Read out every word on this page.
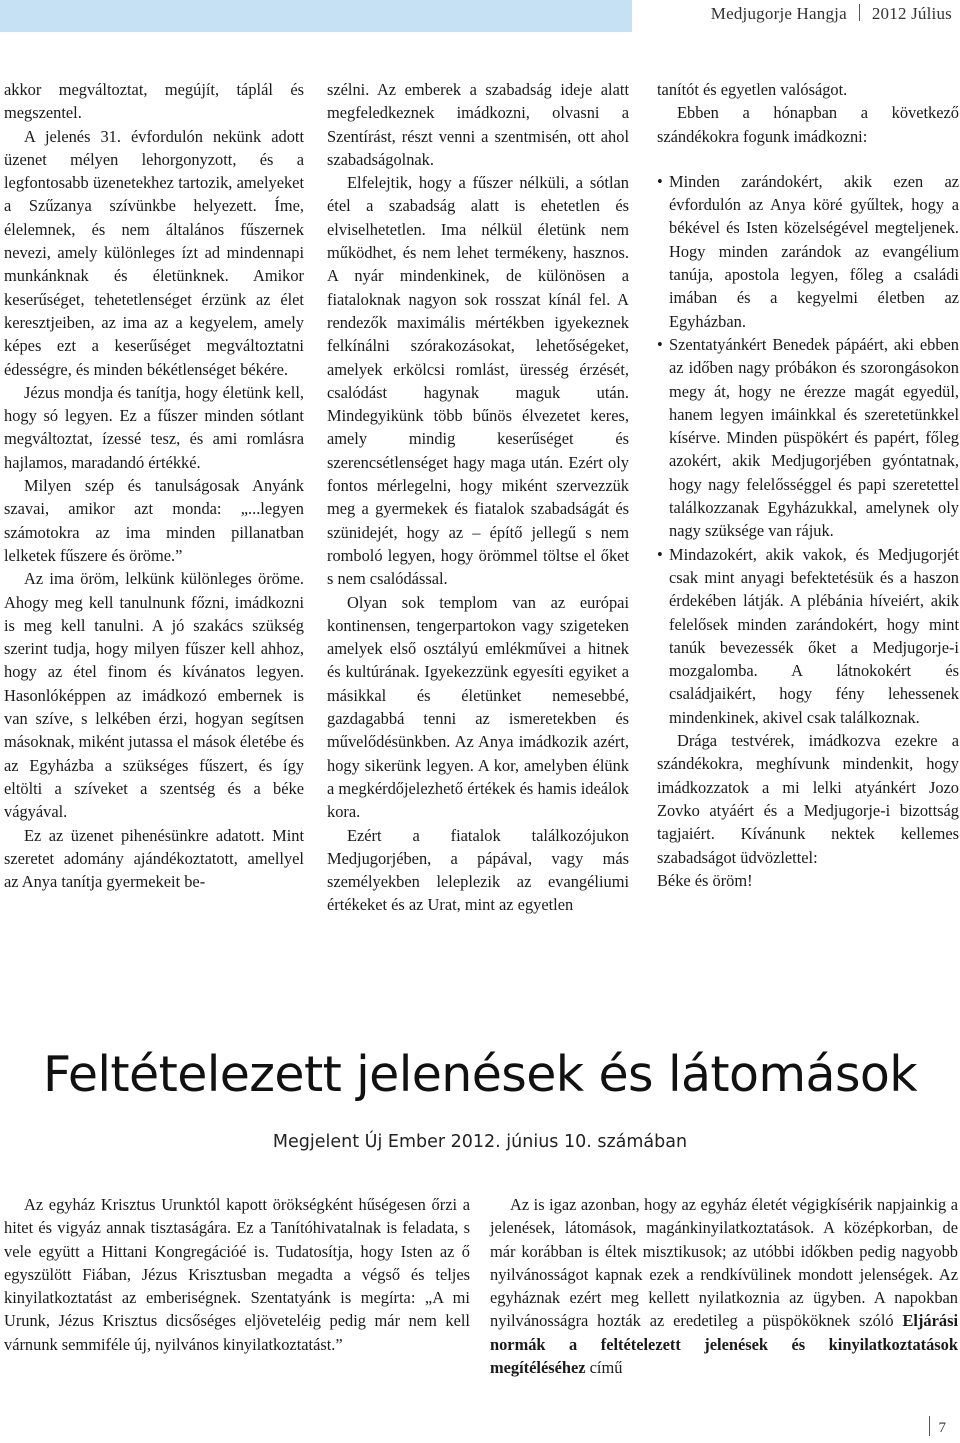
Medjugorje Hangja 2012 Július

akkor megváltoztat, megújít, táplál és megszentel.

A jelenés 31. évfordulón nekünk adott üzenet mélyen lehorgonyzott, és a legfontosabb üzenetekhez tartozik, amelyeket a Szűzanya szívünkbe helyezett. Íme, élelemnek, és nem általános fűszernek nevezi, amely különleges ízt ad mindennapi munkánknak és életünknek. Amikor keserűséget, tehetetlenséget érzünk az élet keresztjeiben, az ima az a kegyelem, amely képes ezt a keserűséget megváltoztatni édességre, és minden békétlenséget békére.

Jézus mondja és tanítja, hogy életünk kell, hogy só legyen. Ez a fűszer minden sótlant megváltoztat, ízessé tesz, és ami romlásra hajlamos, maradandó értékké.

Milyen szép és tanulságosak Anyánk szavai, amikor azt monda: „...legyen számotokra az ima minden pillanatban lelketek fűszere és öröme.”

Az ima öröm, lelkünk különleges öröme. Ahogy meg kell tanulnunk főzni, imádkozni is meg kell tanulni. A jó szakács szükség szerint tudja, hogy milyen fűszer kell ahhoz, hogy az étel finom és kívánatos legyen. Hasonlóképpen az imádkozó embernek is van szíve, s lelkében érzi, hogyan segítsen másoknak, miként jutassa el mások életébe és az Egyházba a szükséges fűszert, és így eltölti a szíveket a szentség és a béke vágyával.

Ez az üzenet pihenésünkre adatott. Mint szeretet adomány ajándékoztatott, amellyel az Anya tanítja gyermekeit be-

szélni. Az emberek a szabadság ideje alatt megfeledkeznek imádkozni, olvasni a Szentírást, részt venni a szentmisén, ott ahol szabadságolnak.

Elfelejtik, hogy a fűszer nélküli, a sótlan étel a szabadság alatt is ehetetlen és elviselhetetlen. Ima nélkül életünk nem működhet, és nem lehet termékeny, hasznos. A nyár mindenkinek, de különösen a fiataloknak nagyon sok rosszat kínál fel. A rendezők maximális mértékben igyekeznek felkínálni szórakozásokat, lehetőségeket, amelyek erkölcsi romlást, üresség érzését, csalódást hagynak maguk után. Mindegyikünk több bűnös élvezetet keres, amely mindig keserűséget és szerencsétlenséget hagy maga után. Ezért oly fontos mérlegelni, hogy miként szervezzük meg a gyermekek és fiatalok szabadságát és szünidejét, hogy az – építő jellegű s nem romboló legyen, hogy örömmel töltse el őket s nem csalódással.

Olyan sok templom van az európai kontinensen, tengerpartokon vagy szigeteken amelyek első osztályú emlékművei a hitnek és kultúrának. Igyekezzünk egyesíti egyiket a másikkal és életünket nemesebbé, gazdagabbá tenni az ismeretekben és művelődésünkben. Az Anya imádkozik azért, hogy sikerünk legyen. A kor, amelyben élünk a megkérdőjelezhető értékek és hamis ideálok kora.

Ezért a fiatalok találkozójukon Medjugorjében, a pápával, vagy más személyekben leleplezik az evangéliumi értékeket és az Urat, mint az egyetlen

tanítót és egyetlen valóságot.

Ebben a hónapban a következő szándékokra fogunk imádkozni:

• Minden zarándokért, akik ezen az évfordulón az Anya köré gyűltek, hogy a békével és Isten közelségével megteljenek. Hogy minden zarándok az evangélium tanúja, apostola legyen, főleg a családi imában és a kegyelmi életben az Egyházban.
• Szentatyánkért Benedek pápáért, aki ebben az időben nagy próbákon és szorongásokon megy át, hogy ne érezze magát egyedül, hanem legyen imáinkkal és szeretetünkkel kísérve. Minden püspökért és papért, főleg azokért, akik Medjugorjében gyóntatnak, hogy nagy felelősséggel és papi szeretettel találkozzanak Egyházukkal, amelynek oly nagy szüksége van rájuk.
• Mindazokért, akik vakok, és Medjugorjét csak mint anyagi befektetésük és a haszon érdekében látják. A plébánia híveiért, akik felelősek minden zarándokért, hogy mint tanúk bevezessék őket a Medjugorje-i mozgalomba. A látnokokért és családjaikért, hogy fény lehessenek mindenkinek, akivel csak találkoznak.

Drága testvérek, imádkozva ezekre a szándékokra, meghívunk mindenkit, hogy imádkozzatok a mi lelki atyánkért Jozo Zovko atyáért és a Medjugorje-i bizottság tagjaiért. Kívánunk nektek kellemes szabadságot üdvözlettel:

Béke és öröm!

Feltételezett jelenések és látomások

Megjelent Új Ember 2012. június 10. számában

Az egyház Krisztus Urunktól kapott örökségként hűségesen őrzi a hitet és vigyáz annak tisztaságára. Ez a Tanítóhivatalnak is feladata, s vele együtt a Hittani Kongregációé is. Tudatosítja, hogy Isten az ő egyszülött Fiában, Jézus Krisztusban megadta a végső és teljes kinyilatkoztatást az emberiségnek. Szentatyánk is megírta: „A mi Urunk, Jézus Krisztus dicsőséges eljöveteléig pedig már nem kell várnunk semmiféle új, nyilvános kinyilatkoztatást.”

Az is igaz azonban, hogy az egyház életét végigkísérik napjainkig a jelenések, látomások, magánkinyilatkoztatások. A középkorban, de már korábban is éltek misztikusok; az utóbbi időkben pedig nagyobb nyilvánosságot kapnak ezek a rendkívülinek mondott jelenségek. Az egyháznak ezért meg kellett nyilatkoznia az ügyben. A napokban nyilvánosságra hozták az eredetileg a püspököknek szóló Eljárási normák a feltételezett jelenések és kinyilatkoztatások megítéléséhez című

7
